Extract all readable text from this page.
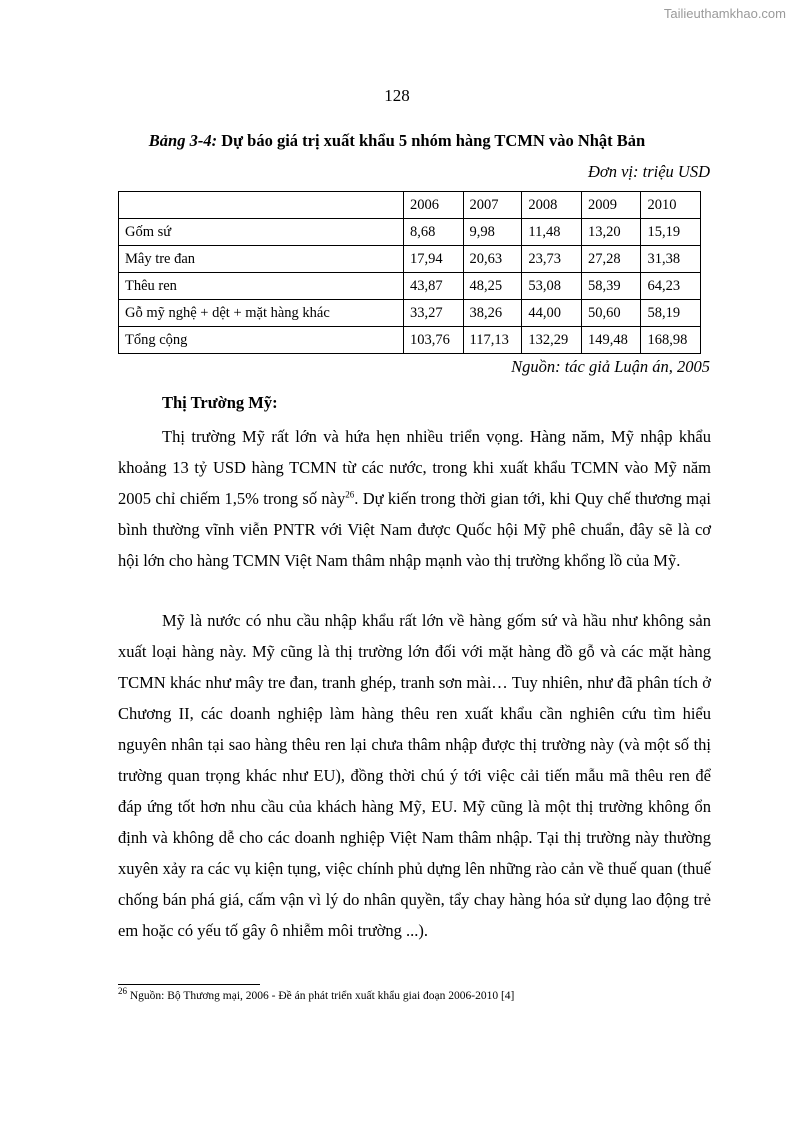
Tailieuthamkhao.com
128
Bảng 3-4: Dự báo giá trị xuất khẩu 5 nhóm hàng TCMN vào Nhật Bản
Đơn vị: triệu USD
	2006	2007	2008	2009	2010
Gốm sứ	8,68	9,98	11,48	13,20	15,19
Mây tre đan	17,94	20,63	23,73	27,28	31,38
Thêu ren	43,87	48,25	53,08	58,39	64,23
Gỗ mỹ nghệ + dệt + mặt hàng khác	33,27	38,26	44,00	50,60	58,19
Tổng cộng	103,76	117,13	132,29	149,48	168,98
Nguồn: tác giả Luận án, 2005
Thị Trường Mỹ:

Thị trường Mỹ rất lớn và hứa hẹn nhiều triển vọng. Hàng năm, Mỹ nhập khẩu khoảng 13 tỷ USD hàng TCMN từ các nước, trong khi xuất khẩu TCMN vào Mỹ năm 2005 chỉ chiếm 1,5% trong số này$^{26}$. Dự kiến trong thời gian tới, khi Quy chế thương mại bình thường vĩnh viễn PNTR với Việt Nam được Quốc hội Mỹ phê chuẩn, đây sẽ là cơ hội lớn cho hàng TCMN Việt Nam thâm nhập mạnh vào thị trường khổng lồ của Mỹ.

Mỹ là nước có nhu cầu nhập khẩu rất lớn về hàng gốm sứ và hầu như không sản xuất loại hàng này. Mỹ cũng là thị trường lớn đối với mặt hàng đồ gỗ và các mặt hàng TCMN khác như mây tre đan, tranh ghép, tranh sơn mài… Tuy nhiên, như đã phân tích ở Chương II, các doanh nghiệp làm hàng thêu ren xuất khẩu cần nghiên cứu tìm hiểu nguyên nhân tại sao hàng thêu ren lại chưa thâm nhập được thị trường này (và một số thị trường quan trọng khác như EU), đồng thời chú ý tới việc cải tiến mẫu mã thêu ren để đáp ứng tốt hơn nhu cầu của khách hàng Mỹ, EU. Mỹ cũng là một thị trường không ổn định và không dễ cho các doanh nghiệp Việt Nam thâm nhập. Tại thị trường này thường xuyên xảy ra các vụ kiện tụng, việc chính phủ dựng lên những rào cản về thuế quan (thuế chống bán phá giá, cấm vận vì lý do nhân quyền, tẩy chay hàng hóa sử dụng lao động trẻ em hoặc có yếu tố gây ô nhiễm môi trường ...).

$^{26}$ Nguồn: Bộ Thương mại, 2006 - Đề án phát triển xuất khẩu giai đoạn 2006-2010 [4]
